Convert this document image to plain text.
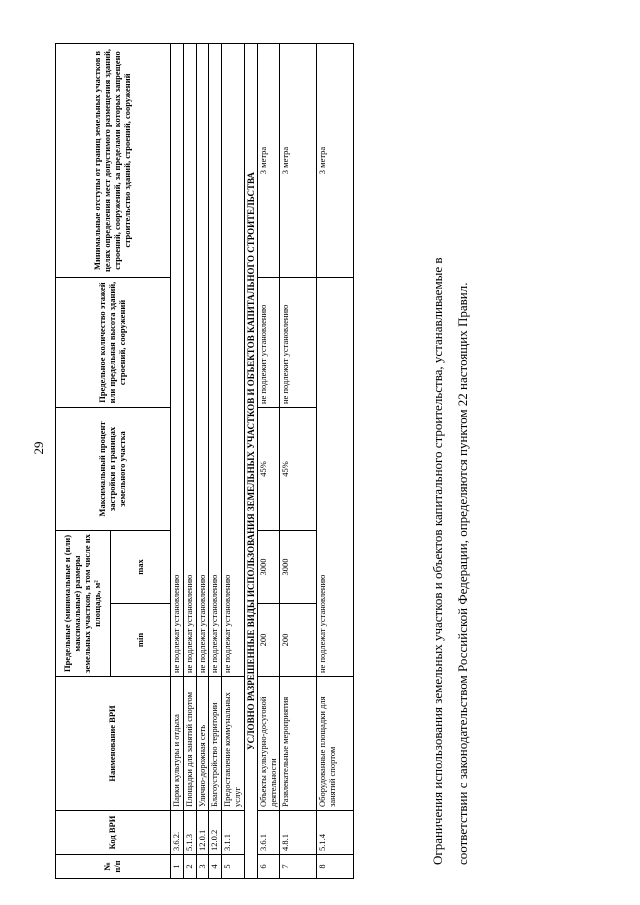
29
№ п/п	Код ВРИ	Наименование ВРИ	Предельные (минимальные и (или) максимальные) размеры земельных участков, в том числе их площадь, м²		Максимальный процент застройки в границах земельного участка	Предельное количество этажей или предельная высота зданий, строений, сооружений	Минимальные отступы от границ земельных участков в целях определения мест допустимого размещения зданий, строений, сооружений, за пределами которых запрещено строительство зданий, строений, сооружений
			min	max			
1	3.6.2.	Парки культуры и отдыха	не подлежат установлению				
2	5.1.3	Площадки для занятий спортом	не подлежат установлению				
3	12.0.1	Улично-дорожная сеть	не подлежат установлению				
4	12.0.2	Благоустройство территории	не подлежат установлению				
5	3.1.1	Предоставление коммунальных услуг	не подлежат установлению				
УСЛОВНО РАЗРЕШЕННЫЕ ВИДЫ ИСПОЛЬЗОВАНИЯ ЗЕМЕЛЬНЫХ УЧАСТКОВ И ОБЪЕКТОВ КАПИТАЛЬНОГО СТРОИТЕЛЬСТВА							
6	3.6.1	Объекты культурно-досуговой деятельности	200	3000	45%	не подлежит установлению	3 метра
7	4.8.1	Развлекательные мероприятия	200	3000	45%	не подлежит установлению	3 метра
8	5.1.4	Оборудованные площадки для занятий спортом	не подлежат установлению				3 метра
Ограничения использования земельных участков и объектов капитального строительства, устанавливаемые в соответствии с законодательством Российской Федерации, определяются пунктом 22 настоящих Правил.
